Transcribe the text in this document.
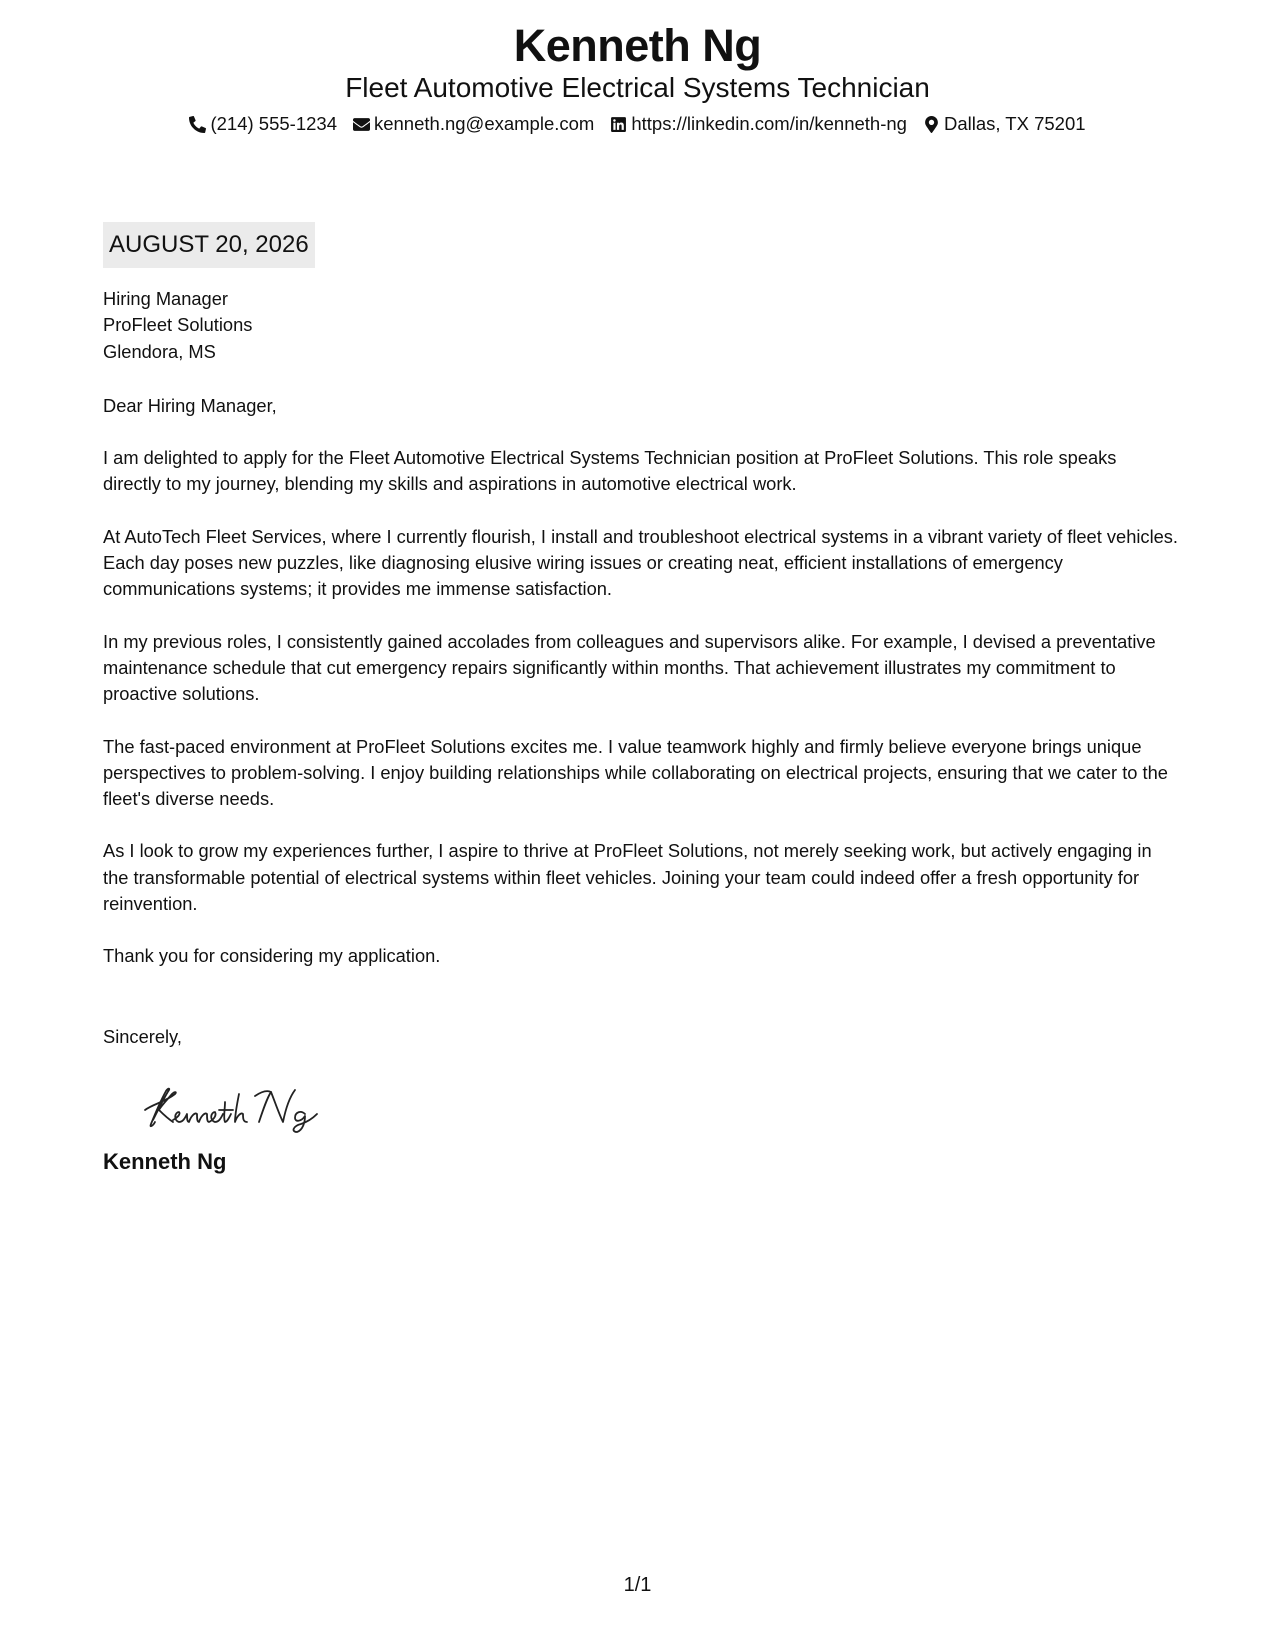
Kenneth Ng
Fleet Automotive Electrical Systems Technician
(214) 555-1234 kenneth.ng@example.com https://linkedin.com/in/kenneth-ng Dallas, TX 75201
AUGUST 20, 2026
Hiring Manager
ProFleet Solutions
Glendora, MS
Dear Hiring Manager,
I am delighted to apply for the Fleet Automotive Electrical Systems Technician position at ProFleet Solutions. This role speaks directly to my journey, blending my skills and aspirations in automotive electrical work.
At AutoTech Fleet Services, where I currently flourish, I install and troubleshoot electrical systems in a vibrant variety of fleet vehicles. Each day poses new puzzles, like diagnosing elusive wiring issues or creating neat, efficient installations of emergency communications systems; it provides me immense satisfaction.
In my previous roles, I consistently gained accolades from colleagues and supervisors alike. For example, I devised a preventative maintenance schedule that cut emergency repairs significantly within months. That achievement illustrates my commitment to proactive solutions.
The fast-paced environment at ProFleet Solutions excites me. I value teamwork highly and firmly believe everyone brings unique perspectives to problem-solving. I enjoy building relationships while collaborating on electrical projects, ensuring that we cater to the fleet's diverse needs.
As I look to grow my experiences further, I aspire to thrive at ProFleet Solutions, not merely seeking work, but actively engaging in the transformable potential of electrical systems within fleet vehicles. Joining your team could indeed offer a fresh opportunity for reinvention.
Thank you for considering my application.
Sincerely,
Kenneth Ng
1/1
